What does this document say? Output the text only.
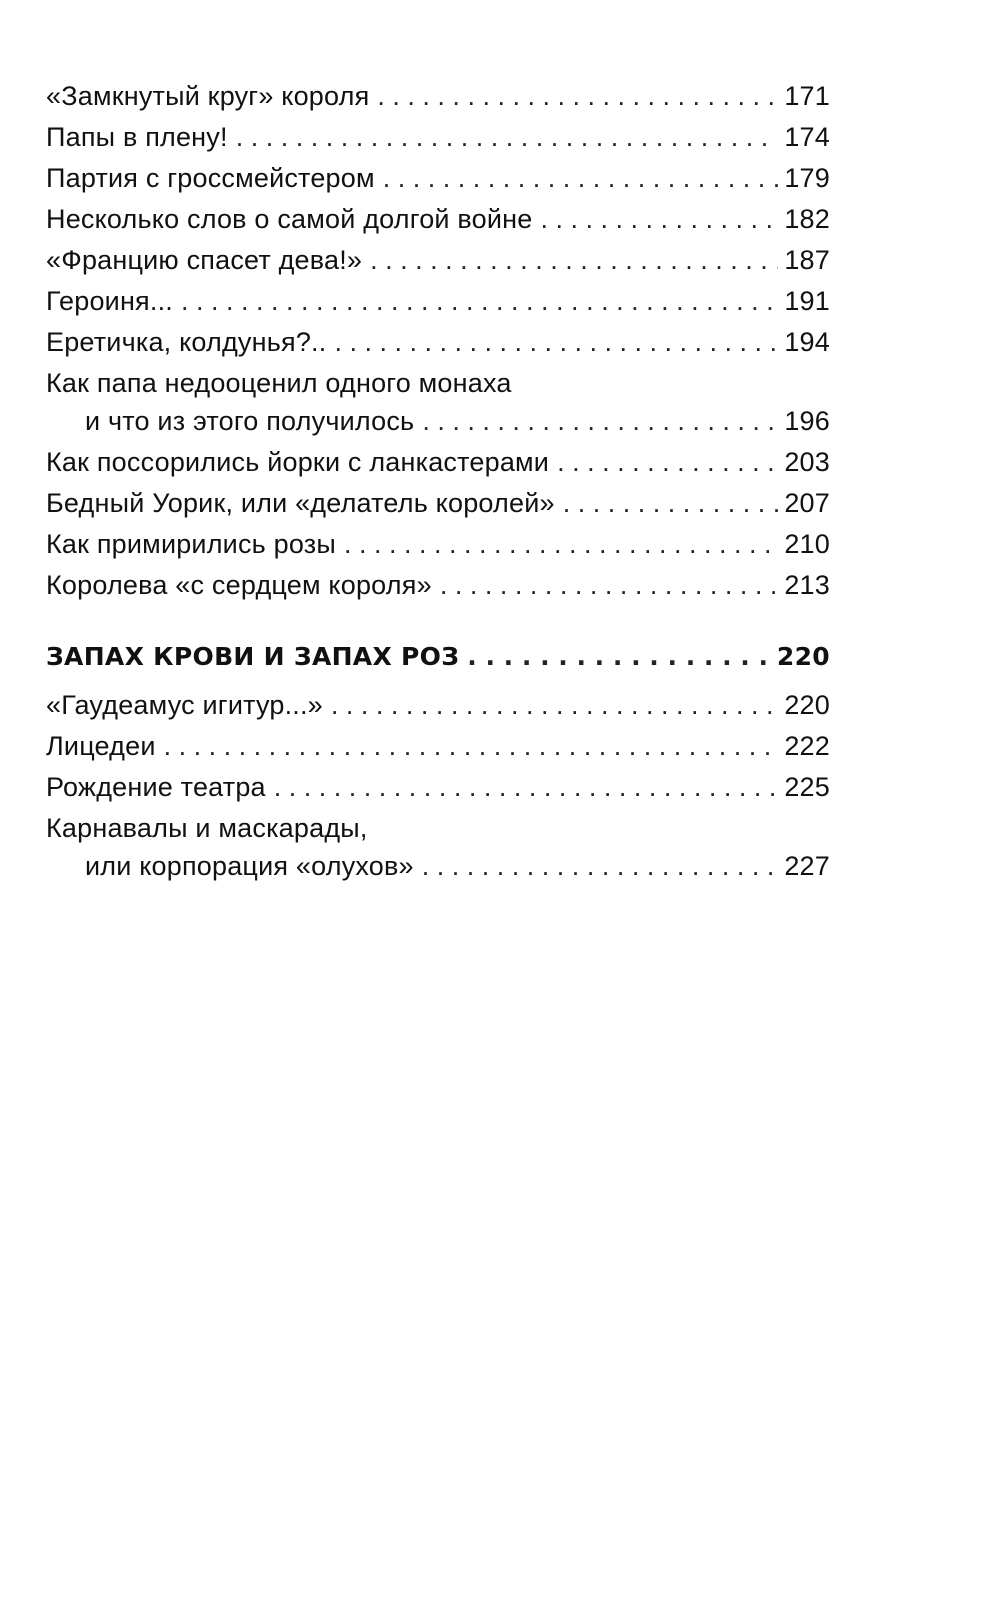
«Замкнутый круг» короля . . .	171
Папы в плену! . . .	174
Партия с гроссмейстером . . .	179
Несколько слов о самой долгой войне . . .	182
«Францию спасет дева!» . . .	187
Героиня... . . .	191
Еретичка, колдунья?.. . . .	194
Как папа недооценил одного монаха
и что из этого получилось . . .	196
Как поссорились йорки с ланкастерами . . .	203
Бедный Уорик, или «делатель королей» . . .	207
Как примирились розы . . .	210
Королева «с сердцем короля» . . .	213
ЗАПАХ КРОВИ И ЗАПАХ РОЗ . . .	220
«Гаудеамус игитур...» . . .	220
Лицедеи . . .	222
Рождение театра . . .	225
Карнавалы и маскарады,
или корпорация «олухов» . . .	227
